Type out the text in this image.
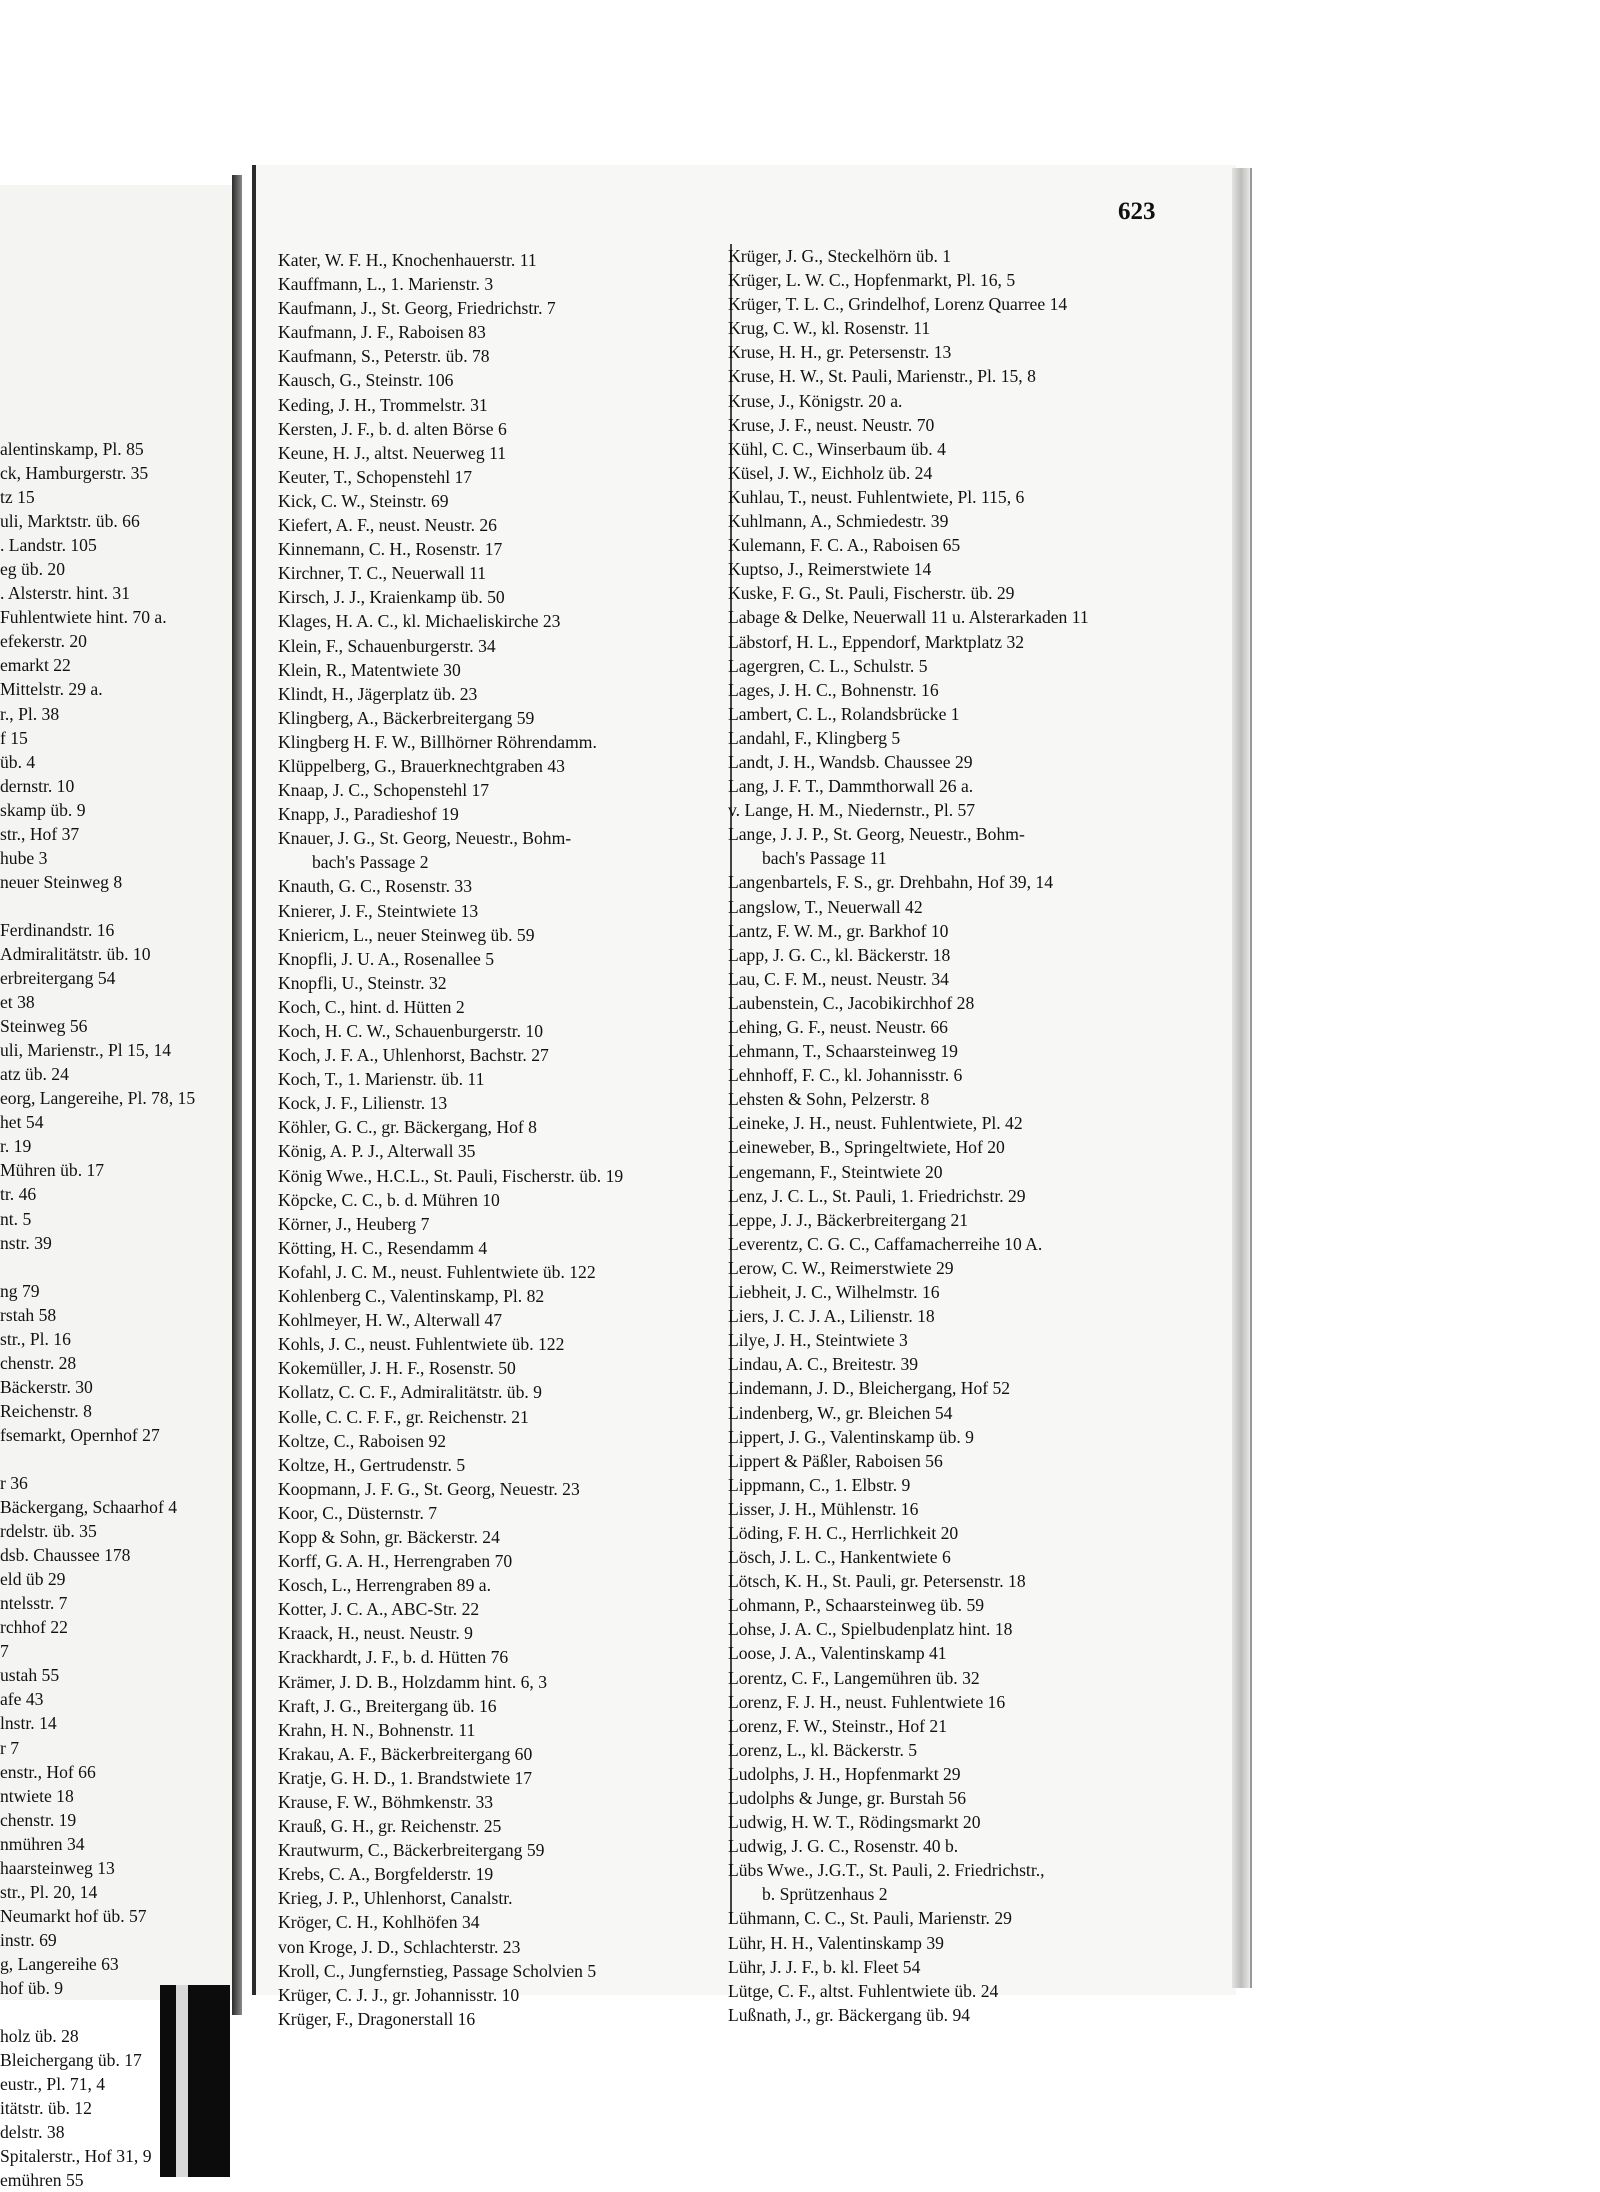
alentinskamp, Pl. 85
ck, Hamburgerstr. 35
tz 15
uli, Marktstr. üb. 66
. Landstr. 105
eg üb. 20
. Alsterstr. hint. 31
Fuhlentwiete hint. 70 a.
efekerstr. 20
emarkt 22
Mittelstr. 29 a.
r., Pl. 38
f 15
üb. 4
dernstr. 10
skamp üb. 9
str., Hof 37
hube 3
neuer Steinweg 8
Ferdinandstr. 16
Admiralitätstr. üb. 10
erbreitergang 54
et 38
Steinweg 56
uli, Marienstr., Pl 15, 14
atz üb. 24
eorg, Langereihe, Pl. 78, 15
het 54
r. 19
Mühren üb. 17
tr. 46
nt. 5
nstr. 39
ng 79
rstah 58
str., Pl. 16
chenstr. 28
Bäckerstr. 30
Reichenstr. 8
fsemarkt, Opernhof 27
r 36
Bäckergang, Schaarhof 4
rdelstr. üb. 35
dsb. Chaussee 178
eld üb 29
ntelsstr. 7
rchhof 22
7
ustah 55
afe 43
lnstr. 14
r 7
enstr., Hof 66
ntwiete 18
chenstr. 19
nmühren 34
haarsteinweg 13
str., Pl. 20, 14
Neumarkt hof üb. 57
instr. 69
g, Langereihe 63
hof üb. 9
holz üb. 28
Bleichergang üb. 17
eustr., Pl. 71, 4
itätstr. üb. 12
delstr. 38
Spitalerstr., Hof 31, 9
emühren 55
623
Kater, W. F. H., Knochenhauerstr. 11
Kauffmann, L., 1. Marienstr. 3
Kaufmann, J., St. Georg, Friedrichstr. 7
Kaufmann, J. F., Raboisen 83
Kaufmann, S., Peterstr. üb. 78
Kausch, G., Steinstr. 106
Keding, J. H., Trommelstr. 31
Kersten, J. F., b. d. alten Börse 6
Keune, H. J., altst. Neuerweg 11
Keuter, T., Schopenstehl 17
Kick, C. W., Steinstr. 69
Kiefert, A. F., neust. Neustr. 26
Kinnemann, C. H., Rosenstr. 17
Kirchner, T. C., Neuerwall 11
Kirsch, J. J., Kraienkamp üb. 50
Klages, H. A. C., kl. Michaeliskirche 23
Klein, F., Schauenburgerstr. 34
Klein, R., Matentwiete 30
Klindt, H., Jägerplatz üb. 23
Klingberg, A., Bäckerbreitergang 59
Klingberg H. F. W., Billhörner Röhrendamm.
Klüppelberg, G., Brauerknechtgraben 43
Knaap, J. C., Schopenstehl 17
Knapp, J., Paradieshof 19
Knauer, J. G., St. Georg, Neuestr., Bohm-
bach's Passage 2
Knauth, G. C., Rosenstr. 33
Knierer, J. F., Steintwiete 13
Kniericm, L., neuer Steinweg üb. 59
Knopfli, J. U. A., Rosenallee 5
Knopfli, U., Steinstr. 32
Koch, C., hint. d. Hütten 2
Koch, H. C. W., Schauenburgerstr. 10
Koch, J. F. A., Uhlenhorst, Bachstr. 27
Koch, T., 1. Marienstr. üb. 11
Kock, J. F., Lilienstr. 13
Köhler, G. C., gr. Bäckergang, Hof 8
König, A. P. J., Alterwall 35
König Wwe., H.C.L., St. Pauli, Fischerstr. üb. 19
Köpcke, C. C., b. d. Mühren 10
Körner, J., Heuberg 7
Kötting, H. C., Resendamm 4
Kofahl, J. C. M., neust. Fuhlentwiete üb. 122
Kohlenberg C., Valentinskamp, Pl. 82
Kohlmeyer, H. W., Alterwall 47
Kohls, J. C., neust. Fuhlentwiete üb. 122
Kokemüller, J. H. F., Rosenstr. 50
Kollatz, C. C. F., Admiralitätstr. üb. 9
Kolle, C. C. F. F., gr. Reichenstr. 21
Koltze, C., Raboisen 92
Koltze, H., Gertrudenstr. 5
Koopmann, J. F. G., St. Georg, Neuestr. 23
Koor, C., Düsternstr. 7
Kopp & Sohn, gr. Bäckerstr. 24
Korff, G. A. H., Herrengraben 70
Kosch, L., Herrengraben 89 a.
Kotter, J. C. A., ABC-Str. 22
Kraack, H., neust. Neustr. 9
Krackhardt, J. F., b. d. Hütten 76
Krämer, J. D. B., Holzdamm hint. 6, 3
Kraft, J. G., Breitergang üb. 16
Krahn, H. N., Bohnenstr. 11
Krakau, A. F., Bäckerbreitergang 60
Kratje, G. H. D., 1. Brandstwiete 17
Krause, F. W., Böhmkenstr. 33
Krauß, G. H., gr. Reichenstr. 25
Krautwurm, C., Bäckerbreitergang 59
Krebs, C. A., Borgfelderstr. 19
Krieg, J. P., Uhlenhorst, Canalstr.
Kröger, C. H., Kohlhöfen 34
von Kroge, J. D., Schlachterstr. 23
Kroll, C., Jungfernstieg, Passage Scholvien 5
Krüger, C. J. J., gr. Johannisstr. 10
Krüger, F., Dragonerstall 16
Krüger, J. G., Steckelhörn üb. 1
Krüger, L. W. C., Hopfenmarkt, Pl. 16, 5
Krüger, T. L. C., Grindelhof, Lorenz Quarree 14
Krug, C. W., kl. Rosenstr. 11
Kruse, H. H., gr. Petersenstr. 13
Kruse, H. W., St. Pauli, Marienstr., Pl. 15, 8
Kruse, J., Königstr. 20 a.
Kruse, J. F., neust. Neustr. 70
Kühl, C. C., Winserbaum üb. 4
Küsel, J. W., Eichholz üb. 24
Kuhlau, T., neust. Fuhlentwiete, Pl. 115, 6
Kuhlmann, A., Schmiedestr. 39
Kulemann, F. C. A., Raboisen 65
Kuptso, J., Reimerstwiete 14
Kuske, F. G., St. Pauli, Fischerstr. üb. 29
Labage & Delke, Neuerwall 11 u. Alsterarkaden 11
Läbstorf, H. L., Eppendorf, Marktplatz 32
Lagergren, C. L., Schulstr. 5
Lages, J. H. C., Bohnenstr. 16
Lambert, C. L., Rolandsbrücke 1
Landahl, F., Klingberg 5
Landt, J. H., Wandsb. Chaussee 29
Lang, J. F. T., Dammthorwall 26 a.
v. Lange, H. M., Niedernstr., Pl. 57
Lange, J. J. P., St. Georg, Neuestr., Bohm-
bach's Passage 11
Langenbartels, F. S., gr. Drehbahn, Hof 39, 14
Langslow, T., Neuerwall 42
Lantz, F. W. M., gr. Barkhof 10
Lapp, J. G. C., kl. Bäckerstr. 18
Lau, C. F. M., neust. Neustr. 34
Laubenstein, C., Jacobikirchhof 28
Lehing, G. F., neust. Neustr. 66
Lehmann, T., Schaarsteinweg 19
Lehnhoff, F. C., kl. Johannisstr. 6
Lehsten & Sohn, Pelzerstr. 8
Leineke, J. H., neust. Fuhlentwiete, Pl. 42
Leineweber, B., Springeltwiete, Hof 20
Lengemann, F., Steintwiete 20
Lenz, J. C. L., St. Pauli, 1. Friedrichstr. 29
Leppe, J. J., Bäckerbreitergang 21
Leverentz, C. G. C., Caffamacherreihe 10 A.
Lerow, C. W., Reimerstwiete 29
Liebheit, J. C., Wilhelmstr. 16
Liers, J. C. J. A., Lilienstr. 18
Lilye, J. H., Steintwiete 3
Lindau, A. C., Breitestr. 39
Lindemann, J. D., Bleichergang, Hof 52
Lindenberg, W., gr. Bleichen 54
Lippert, J. G., Valentinskamp üb. 9
Lippert & Päßler, Raboisen 56
Lippmann, C., 1. Elbstr. 9
Lisser, J. H., Mühlenstr. 16
Löding, F. H. C., Herrlichkeit 20
Lösch, J. L. C., Hankentwiete 6
Lötsch, K. H., St. Pauli, gr. Petersenstr. 18
Lohmann, P., Schaarsteinweg üb. 59
Lohse, J. A. C., Spielbudenplatz hint. 18
Loose, J. A., Valentinskamp 41
Lorentz, C. F., Langemühren üb. 32
Lorenz, F. J. H., neust. Fuhlentwiete 16
Lorenz, F. W., Steinstr., Hof 21
Lorenz, L., kl. Bäckerstr. 5
Ludolphs, J. H., Hopfenmarkt 29
Ludolphs & Junge, gr. Burstah 56
Ludwig, H. W. T., Rödingsmarkt 20
Ludwig, J. G. C., Rosenstr. 40 b.
Lübs Wwe., J.G.T., St. Pauli, 2. Friedrichstr.,
b. Sprützenhaus 2
Lühmann, C. C., St. Pauli, Marienstr. 29
Lühr, H. H., Valentinskamp 39
Lühr, J. J. F., b. kl. Fleet 54
Lütge, C. F., altst. Fuhlentwiete üb. 24
Lußnath, J., gr. Bäckergang üb. 94
